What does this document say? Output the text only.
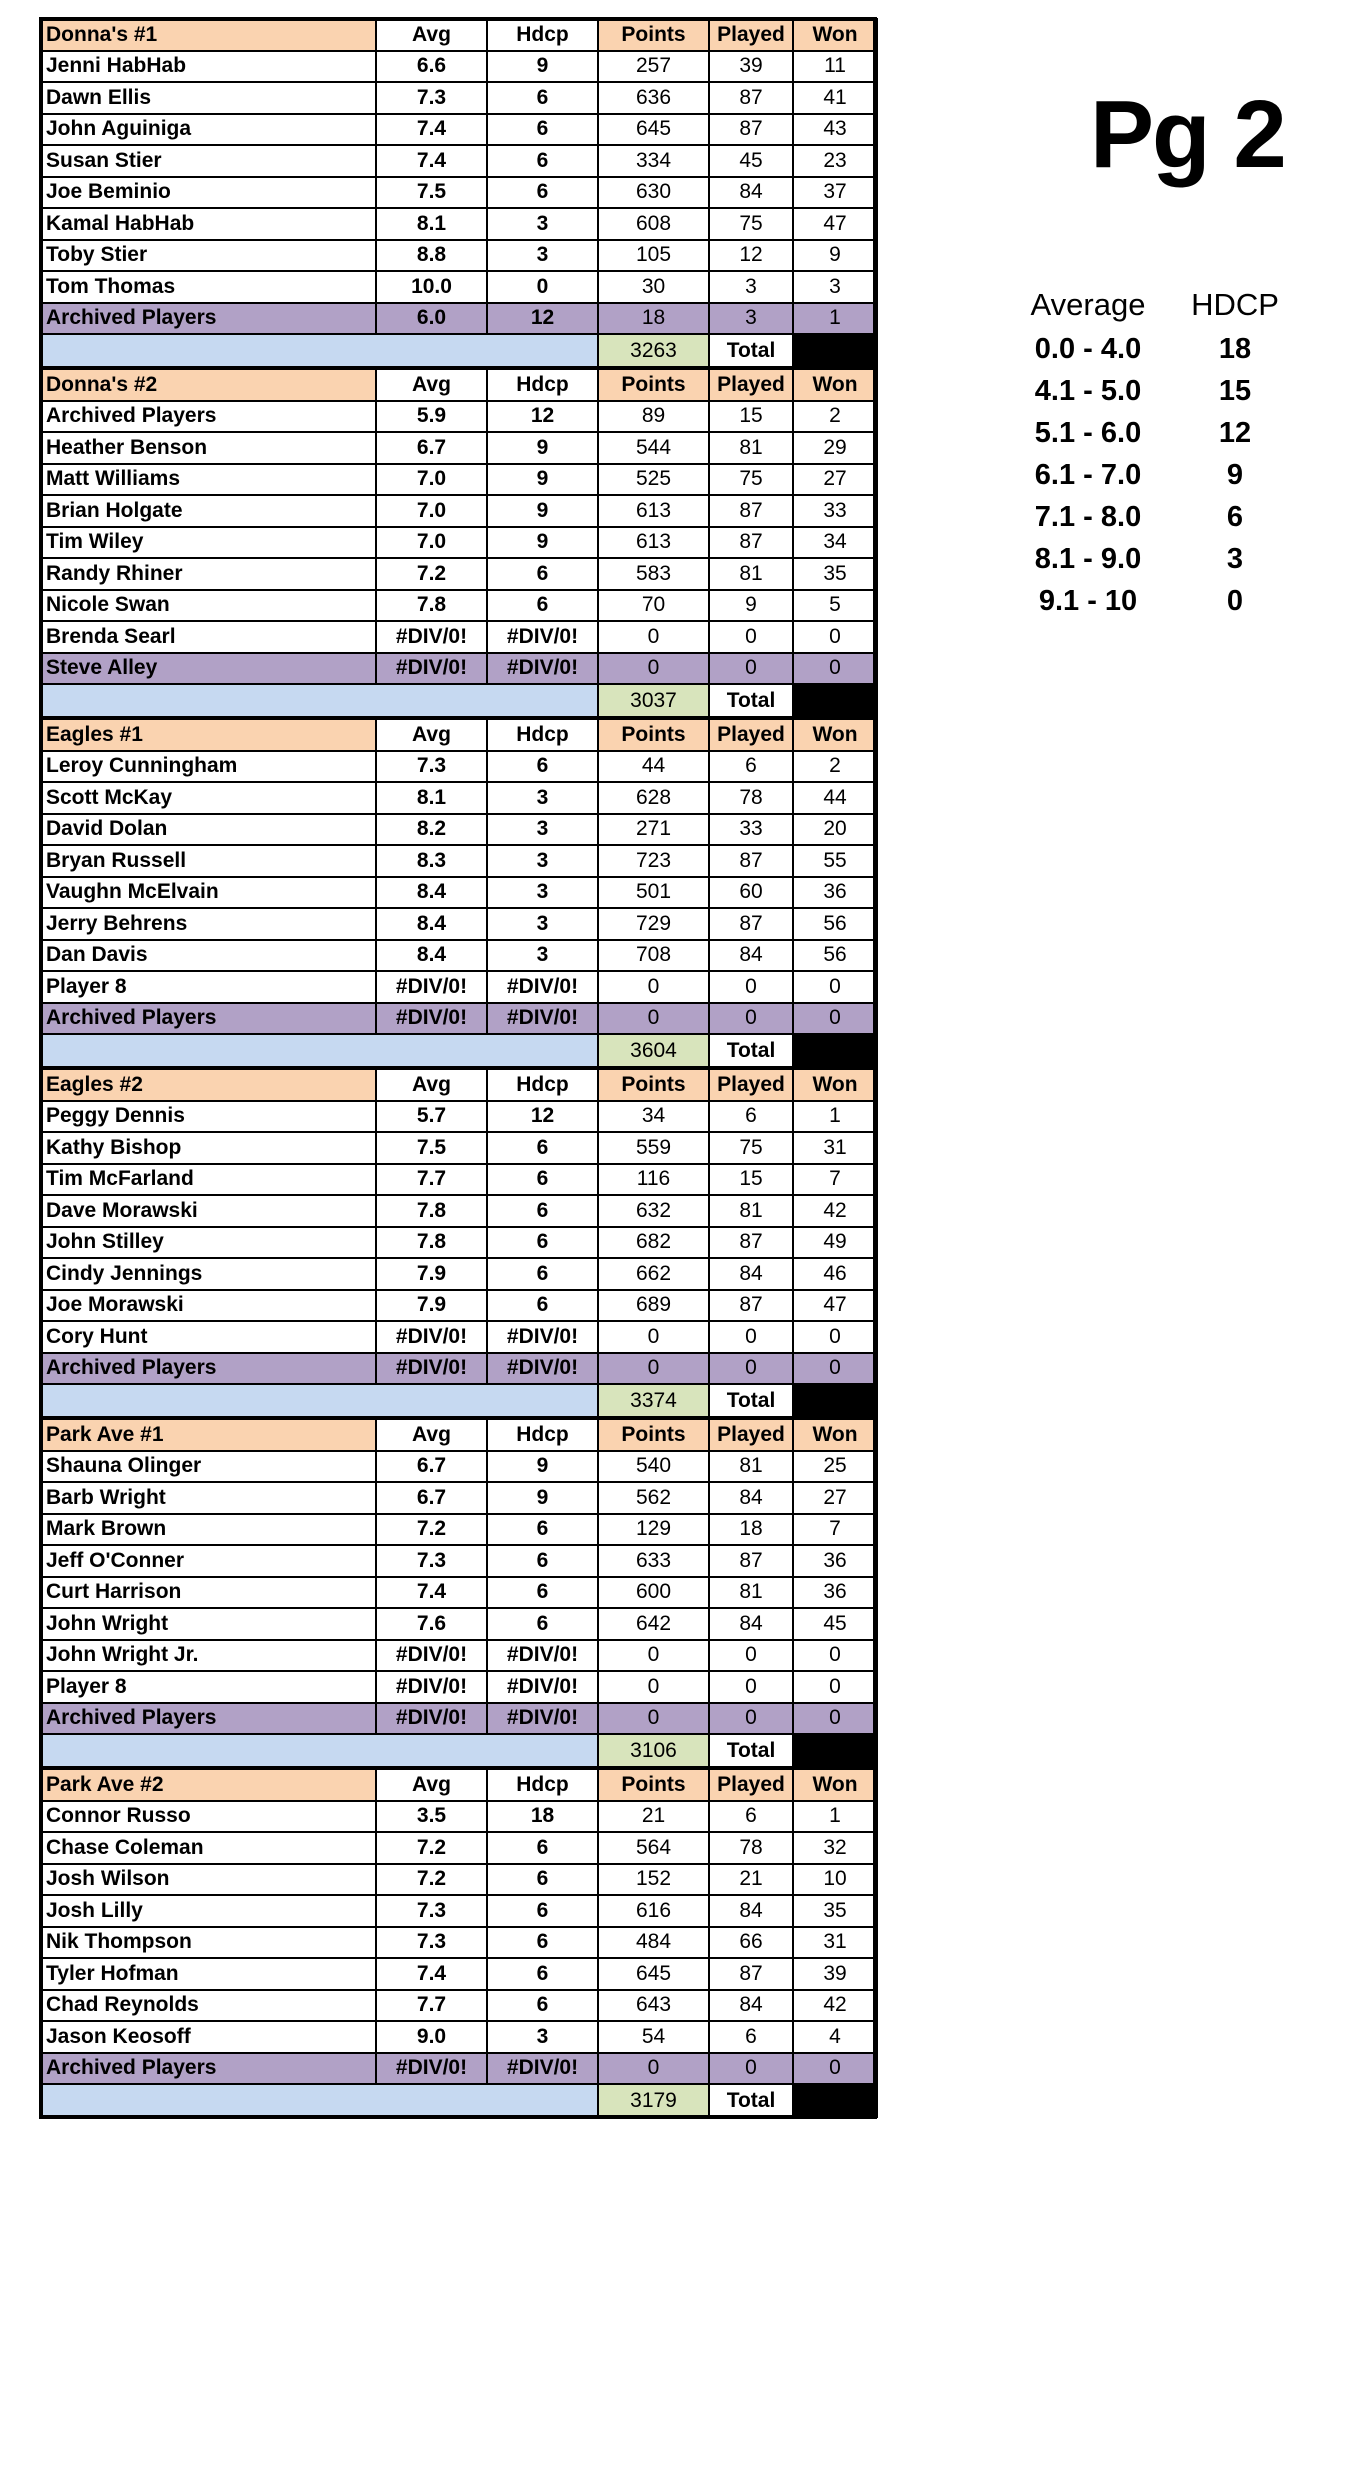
Donna's #1	Avg	Hdcp	Points	Played	Won
Jenni HabHab	6.6	9	257	39	11
Dawn Ellis	7.3	6	636	87	41
John Aguiniga	7.4	6	645	87	43
Susan Stier	7.4	6	334	45	23
Joe Beminio	7.5	6	630	84	37
Kamal HabHab	8.1	3	608	75	47
Toby Stier	8.8	3	105	12	9
Tom Thomas	10.0	0	30	3	3
Archived Players	6.0	12	18	3	1
			3263	Total	
Donna's #2	Avg	Hdcp	Points	Played	Won
Archived Players	5.9	12	89	15	2
Heather Benson	6.7	9	544	81	29
Matt Williams	7.0	9	525	75	27
Brian Holgate	7.0	9	613	87	33
Tim Wiley	7.0	9	613	87	34
Randy Rhiner	7.2	6	583	81	35
Nicole Swan	7.8	6	70	9	5
Brenda Searl	#DIV/0!	#DIV/0!	0	0	0
Steve Alley	#DIV/0!	#DIV/0!	0	0	0
			3037	Total	
Eagles #1	Avg	Hdcp	Points	Played	Won
Leroy Cunningham	7.3	6	44	6	2
Scott McKay	8.1	3	628	78	44
David Dolan	8.2	3	271	33	20
Bryan Russell	8.3	3	723	87	55
Vaughn McElvain	8.4	3	501	60	36
Jerry Behrens	8.4	3	729	87	56
Dan Davis	8.4	3	708	84	56
Player 8	#DIV/0!	#DIV/0!	0	0	0
Archived Players	#DIV/0!	#DIV/0!	0	0	0
			3604	Total	
Eagles #2	Avg	Hdcp	Points	Played	Won
Peggy Dennis	5.7	12	34	6	1
Kathy Bishop	7.5	6	559	75	31
Tim McFarland	7.7	6	116	15	7
Dave Morawski	7.8	6	632	81	42
John Stilley	7.8	6	682	87	49
Cindy Jennings	7.9	6	662	84	46
Joe Morawski	7.9	6	689	87	47
Cory Hunt	#DIV/0!	#DIV/0!	0	0	0
Archived Players	#DIV/0!	#DIV/0!	0	0	0
			3374	Total	
Park Ave #1	Avg	Hdcp	Points	Played	Won
Shauna Olinger	6.7	9	540	81	25
Barb Wright	6.7	9	562	84	27
Mark Brown	7.2	6	129	18	7
Jeff O'Conner	7.3	6	633	87	36
Curt Harrison	7.4	6	600	81	36
John Wright	7.6	6	642	84	45
John Wright Jr.	#DIV/0!	#DIV/0!	0	0	0
Player 8	#DIV/0!	#DIV/0!	0	0	0
Archived Players	#DIV/0!	#DIV/0!	0	0	0
			3106	Total	
Park Ave #2	Avg	Hdcp	Points	Played	Won
Connor Russo	3.5	18	21	6	1
Chase Coleman	7.2	6	564	78	32
Josh Wilson	7.2	6	152	21	10
Josh Lilly	7.3	6	616	84	35
Nik Thompson	7.3	6	484	66	31
Tyler Hofman	7.4	6	645	87	39
Chad Reynolds	7.7	6	643	84	42
Jason Keosoff	9.0	3	54	6	4
Archived Players	#DIV/0!	#DIV/0!	0	0	0
			3179	Total	
Pg 2
Average	HDCP
0.0 - 4.0	18
4.1 - 5.0	15
5.1 - 6.0	12
6.1 - 7.0	9
7.1 - 8.0	6
8.1 - 9.0	3
9.1 - 10	0
